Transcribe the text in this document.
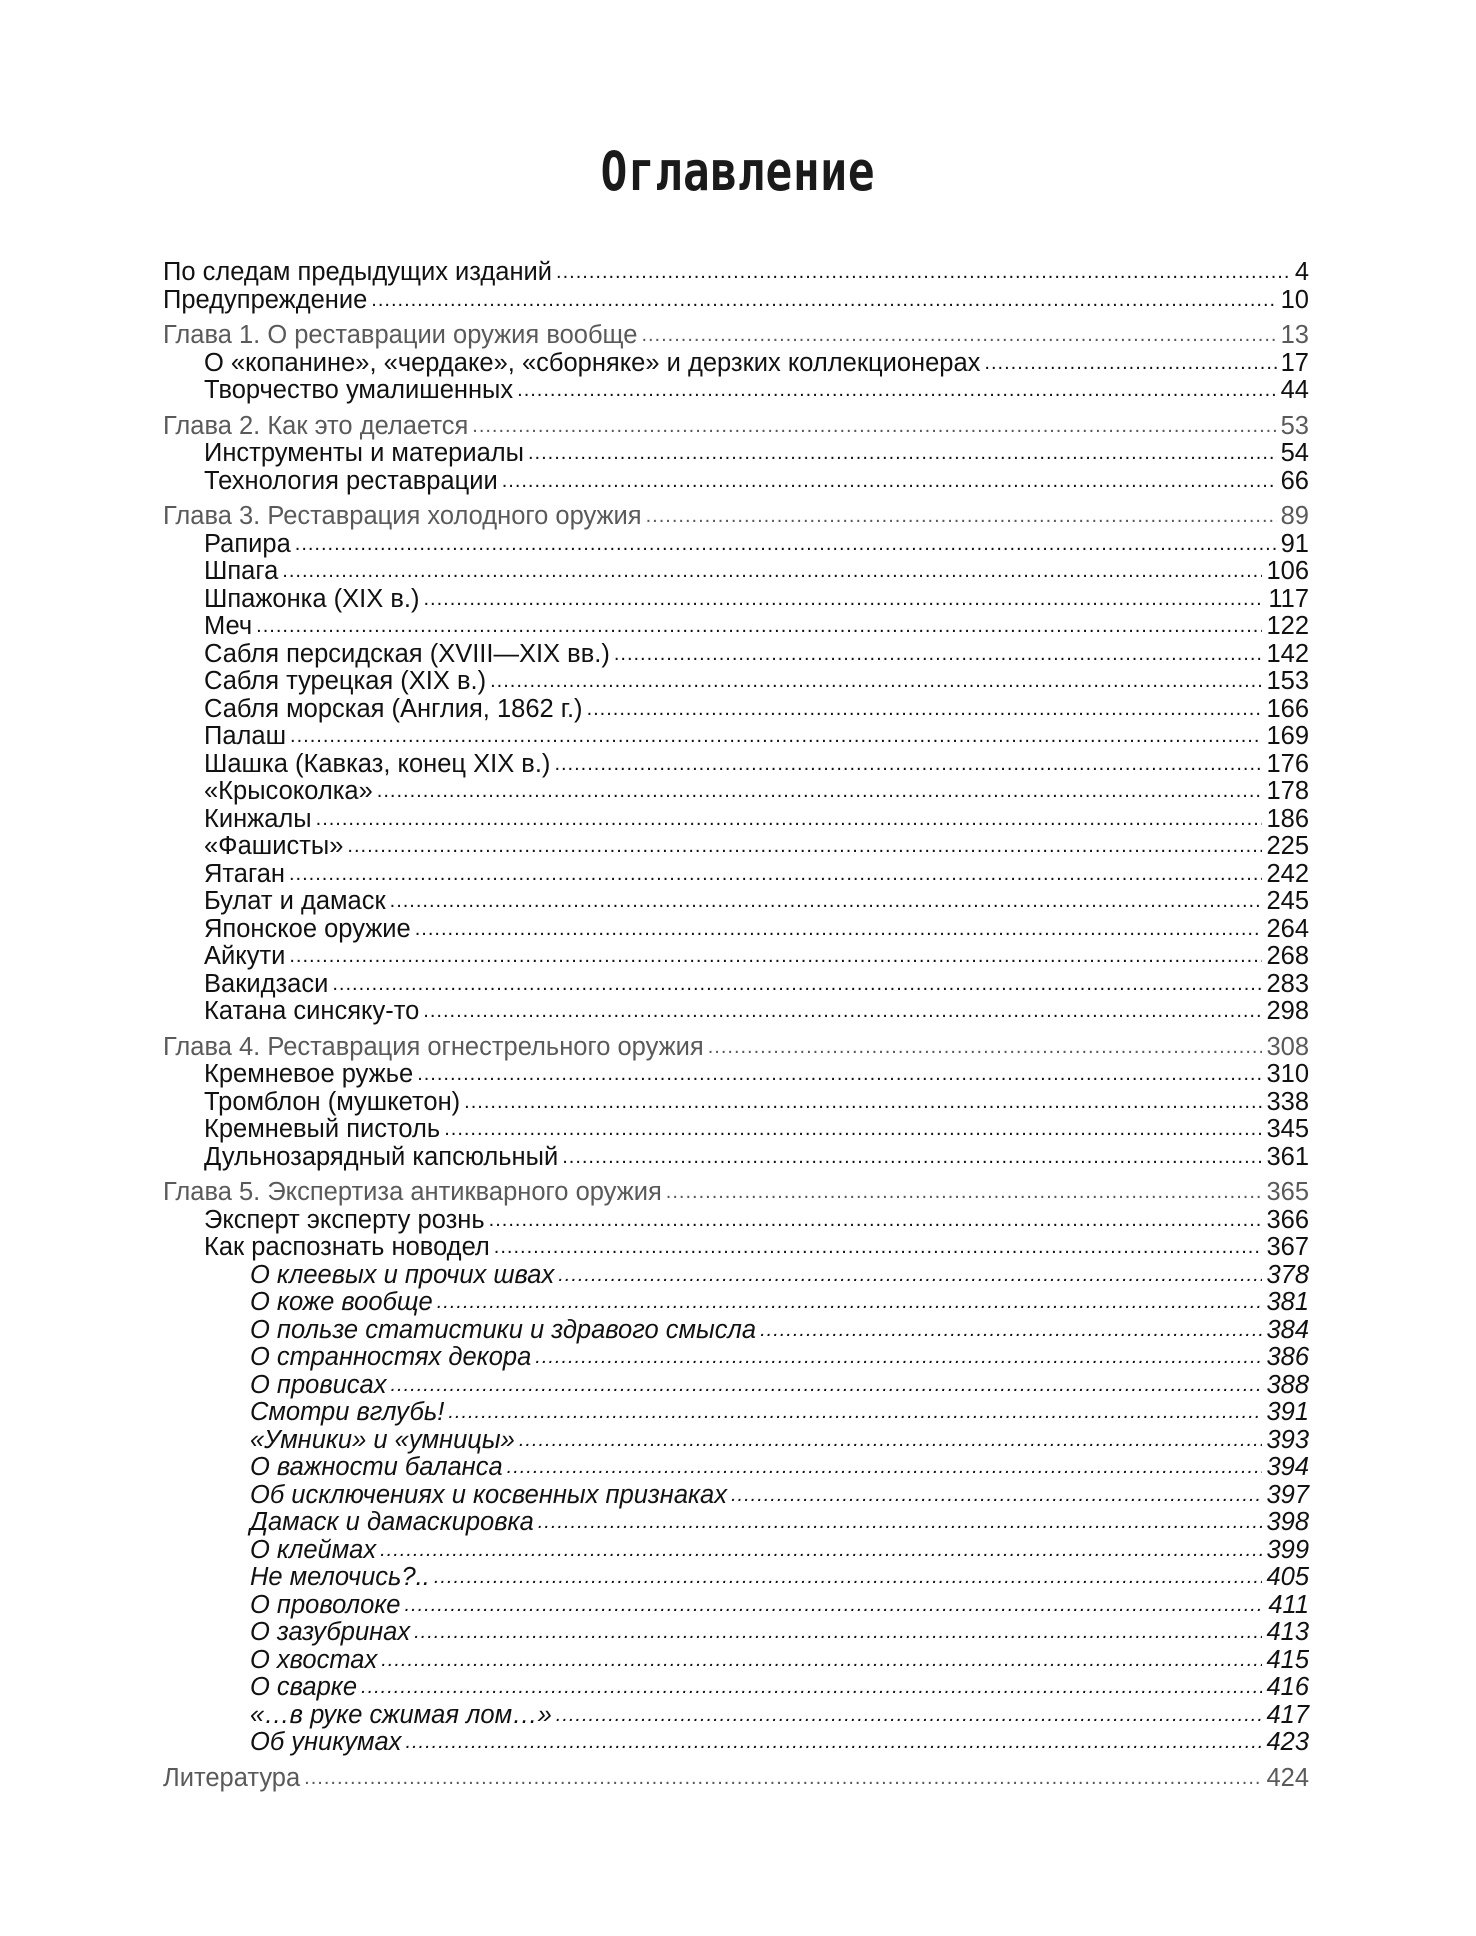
Оглавление
По следам предыдущих изданий .....	4
Предупреждение .....	10
Глава 1. О реставрации оружия вообще .....	13
О «копанине», «чердаке», «сборняке» и дерзких коллекционерах .....	17
Творчество умалишенных .....	44
Глава 2. Как это делается .....	53
Инструменты и материалы .....	54
Технология реставрации .....	66
Глава 3. Реставрация холодного оружия .....	89
Рапира .....	91
Шпага .....	106
Шпажонка (XIX в.) .....	117
Меч .....	122
Сабля персидская (XVIII—XIX вв.) .....	142
Сабля турецкая (XIX в.) .....	153
Сабля морская (Англия, 1862 г.) .....	166
Палаш .....	169
Шашка (Кавказ, конец XIX в.) .....	176
«Крысоколка» .....	178
Кинжалы .....	186
«Фашисты» .....	225
Ятаган .....	242
Булат и дамаск .....	245
Японское оружие .....	264
Айкути .....	268
Вакидзаси .....	283
Катана синсяку-то .....	298
Глава 4. Реставрация огнестрельного оружия .....	308
Кремневое ружье .....	310
Тромблон (мушкетон) .....	338
Кремневый пистоль .....	345
Дульнозарядный капсюльный .....	361
Глава 5. Экспертиза антикварного оружия .....	365
Эксперт эксперту рознь .....	366
Как распознать новодел .....	367
О клеевых и прочих швах .....	378
О коже вообще .....	381
О пользе статистики и здравого смысла .....	384
О странностях декора .....	386
О провисах .....	388
Смотри вглубь! .....	391
«Умники» и «умницы» .....	393
О важности баланса .....	394
Об исключениях и косвенных признаках .....	397
Дамаск и дамаскировка .....	398
О клеймах .....	399
Не мелочись?.. .....	405
О проволоке .....	411
О зазубринах .....	413
О хвостах .....	415
О сварке .....	416
«…в руке сжимая лом…» .....	417
Об уникумах .....	423
Литература .....	424
